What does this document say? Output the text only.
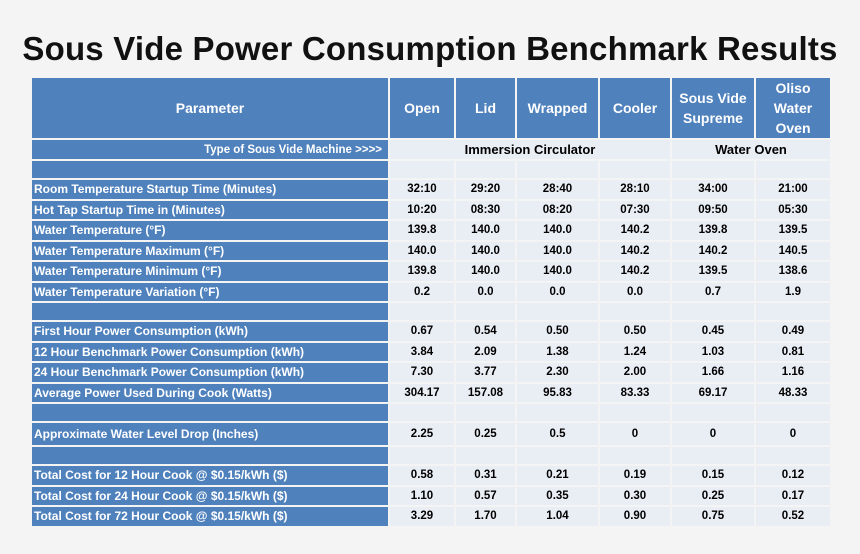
Sous Vide Power Consumption Benchmark Results
Parameter	Open	Lid	Wrapped	Cooler	Sous Vide Supreme	Oliso Water Oven
Type of Sous Vide Machine >>>>	Immersion Circulator				Water Oven	

Room Temperature Startup Time (Minutes)	32:10	29:20	28:40	28:10	34:00	21:00
Hot Tap Startup Time in (Minutes)	10:20	08:30	08:20	07:30	09:50	05:30
Water Temperature (°F)	139.8	140.0	140.0	140.2	139.8	139.5
Water Temperature Maximum (°F)	140.0	140.0	140.0	140.2	140.2	140.5
Water Temperature Minimum (°F)	139.8	140.0	140.0	140.2	139.5	138.6
Water Temperature Variation (°F)	0.2	0.0	0.0	0.0	0.7	1.9

First Hour Power Consumption (kWh)	0.67	0.54	0.50	0.50	0.45	0.49
12 Hour Benchmark Power Consumption (kWh)	3.84	2.09	1.38	1.24	1.03	0.81
24 Hour Benchmark Power Consumption (kWh)	7.30	3.77	2.30	2.00	1.66	1.16
Average Power Used During Cook (Watts)	304.17	157.08	95.83	83.33	69.17	48.33

Approximate Water Level Drop (Inches)	2.25	0.25	0.5	0	0	0

Total Cost for 12 Hour Cook @ $0.15/kWh ($)	0.58	0.31	0.21	0.19	0.15	0.12
Total Cost for 24 Hour Cook @ $0.15/kWh ($)	1.10	0.57	0.35	0.30	0.25	0.17
Total Cost for 72 Hour Cook @ $0.15/kWh ($)	3.29	1.70	1.04	0.90	0.75	0.52
